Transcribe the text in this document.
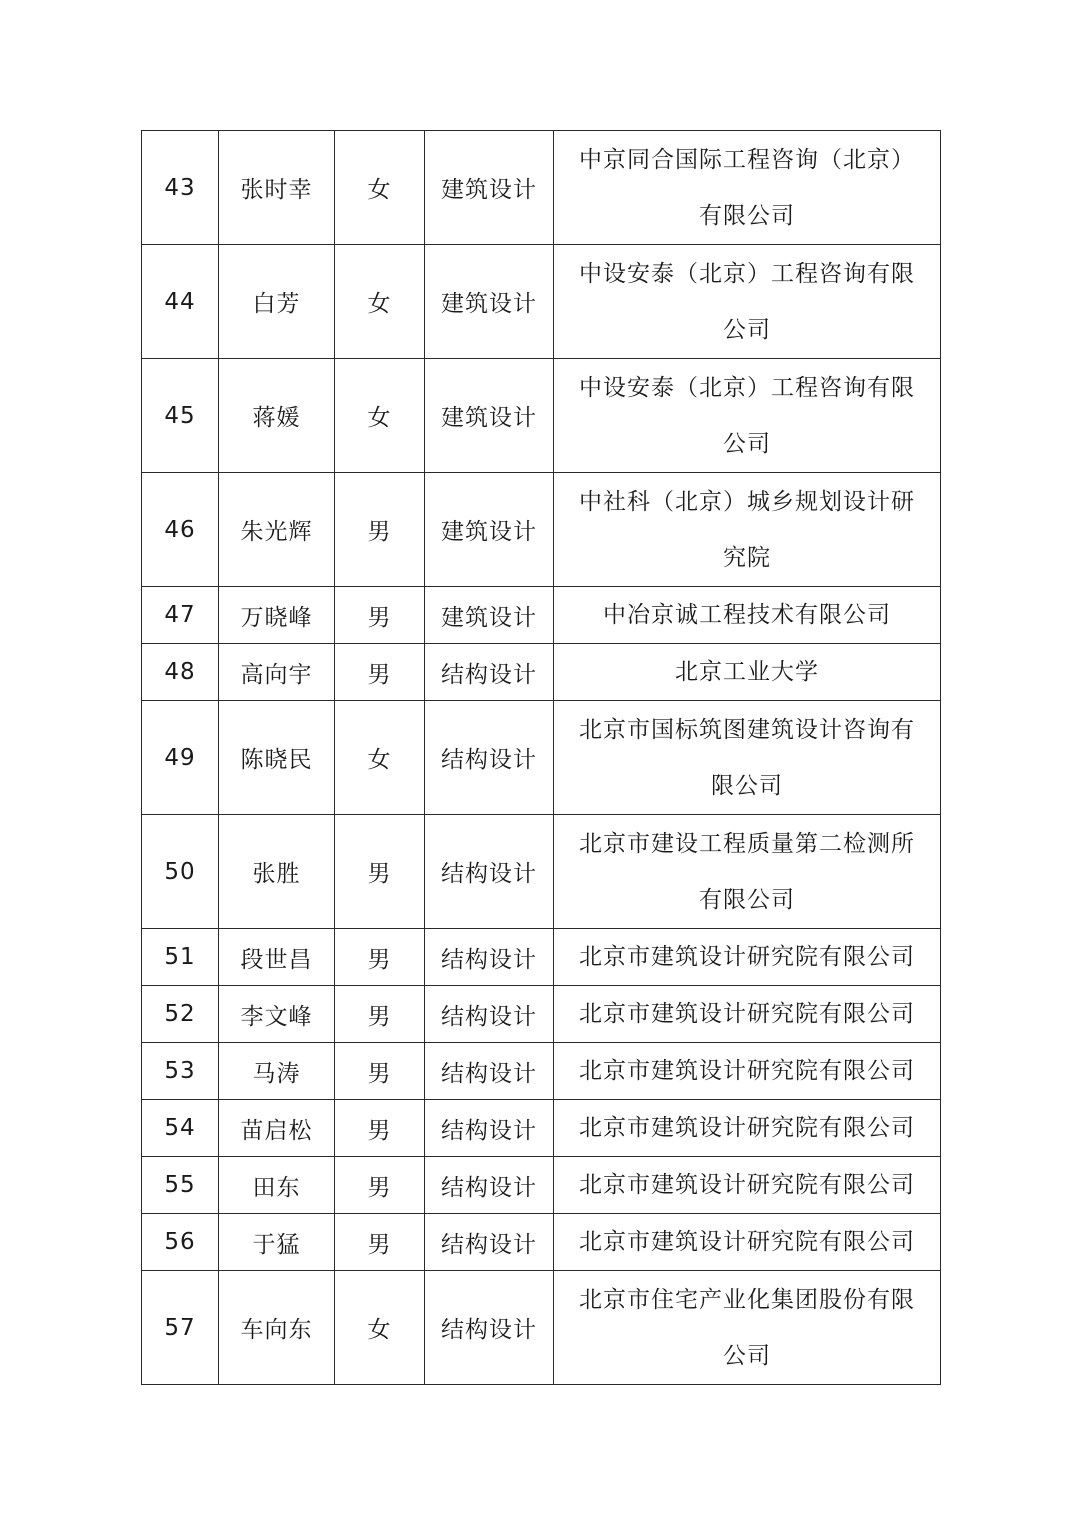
43	张时幸	女	建筑设计	中京同合国际工程咨询（北京）
有限公司

44	白芳	女	建筑设计	中设安泰（北京）工程咨询有限
公司

45	蒋媛	女	建筑设计	中设安泰（北京）工程咨询有限
公司

46	朱光辉	男	建筑设计	中社科（北京）城乡规划设计研
究院

47	万晓峰	男	建筑设计	中冶京诚工程技术有限公司

48	高向宇	男	结构设计	北京工业大学

49	陈晓民	女	结构设计	北京市国标筑图建筑设计咨询有
限公司

50	张胜	男	结构设计	北京市建设工程质量第二检测所
有限公司

51	段世昌	男	结构设计	北京市建筑设计研究院有限公司

52	李文峰	男	结构设计	北京市建筑设计研究院有限公司

53	马涛	男	结构设计	北京市建筑设计研究院有限公司

54	苗启松	男	结构设计	北京市建筑设计研究院有限公司

55	田东	男	结构设计	北京市建筑设计研究院有限公司

56	于猛	男	结构设计	北京市建筑设计研究院有限公司

57	车向东	女	结构设计	北京市住宅产业化集团股份有限
公司
